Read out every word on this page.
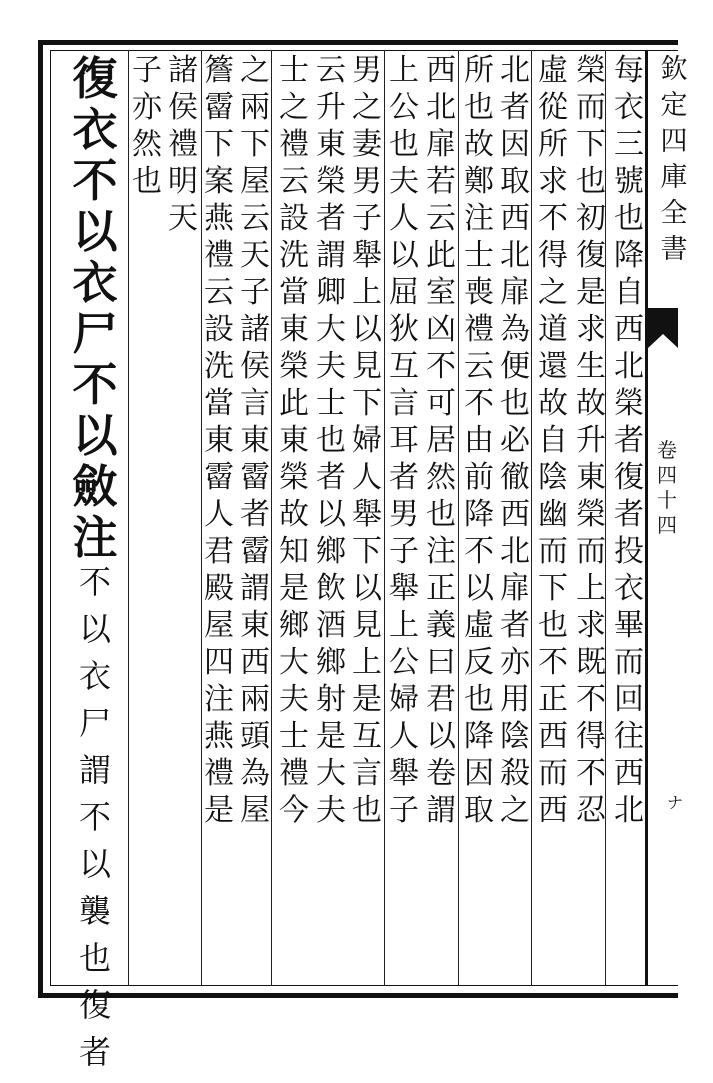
欽
定
四
庫
全
書
卷
四
十
四
ナ
每
衣
三
號
也
降
自
西
北
榮
者
復
者
投
衣
畢
而
回
往
西
北
榮
而
下
也
初
復
是
求
生
故
升
東
榮
而
上
求
既
不
得
不
忍
虛
從
所
求
不
得
之
道
還
故
自
陰
幽
而
下
也
不
正
西
而
西
北
者
因
取
西
北
扉
為
便
也
必
徹
西
北
扉
者
亦
用
陰
殺
之
所
也
故
鄭
注
士
喪
禮
云
不
由
前
降
不
以
虛
反
也
降
因
取
西
北
扉
若
云
此
室
凶
不
可
居
然
也
注
正
義
曰
君
以
卷
謂
上
公
也
夫
人
以
屈
狄
互
言
耳
者
男
子
舉
上
公
婦
人
舉
子
男
之
妻
男
子
舉
上
以
見
下
婦
人
舉
下
以
見
上
是
互
言
也
云
升
東
榮
者
謂
卿
大
夫
士
也
者
以
鄉
飲
酒
鄉
射
是
大
夫
士
之
禮
云
設
洗
當
東
榮
此
東
榮
故
知
是
鄉
大
夫
士
禮
今
之
兩
下
屋
云
天
子
諸
侯
言
東
霤
者
霤
謂
東
西
兩
頭
為
屋
簷
霤
下
案
燕
禮
云
設
洗
當
東
霤
人
君
殿
屋
四
注
燕
禮
是
諸
侯
禮
明
天
子
亦
然
也
復
衣
不
以
衣
尸
不
以
斂
注
不
以
衣
尸
謂
不
以
襲
也
復
者
